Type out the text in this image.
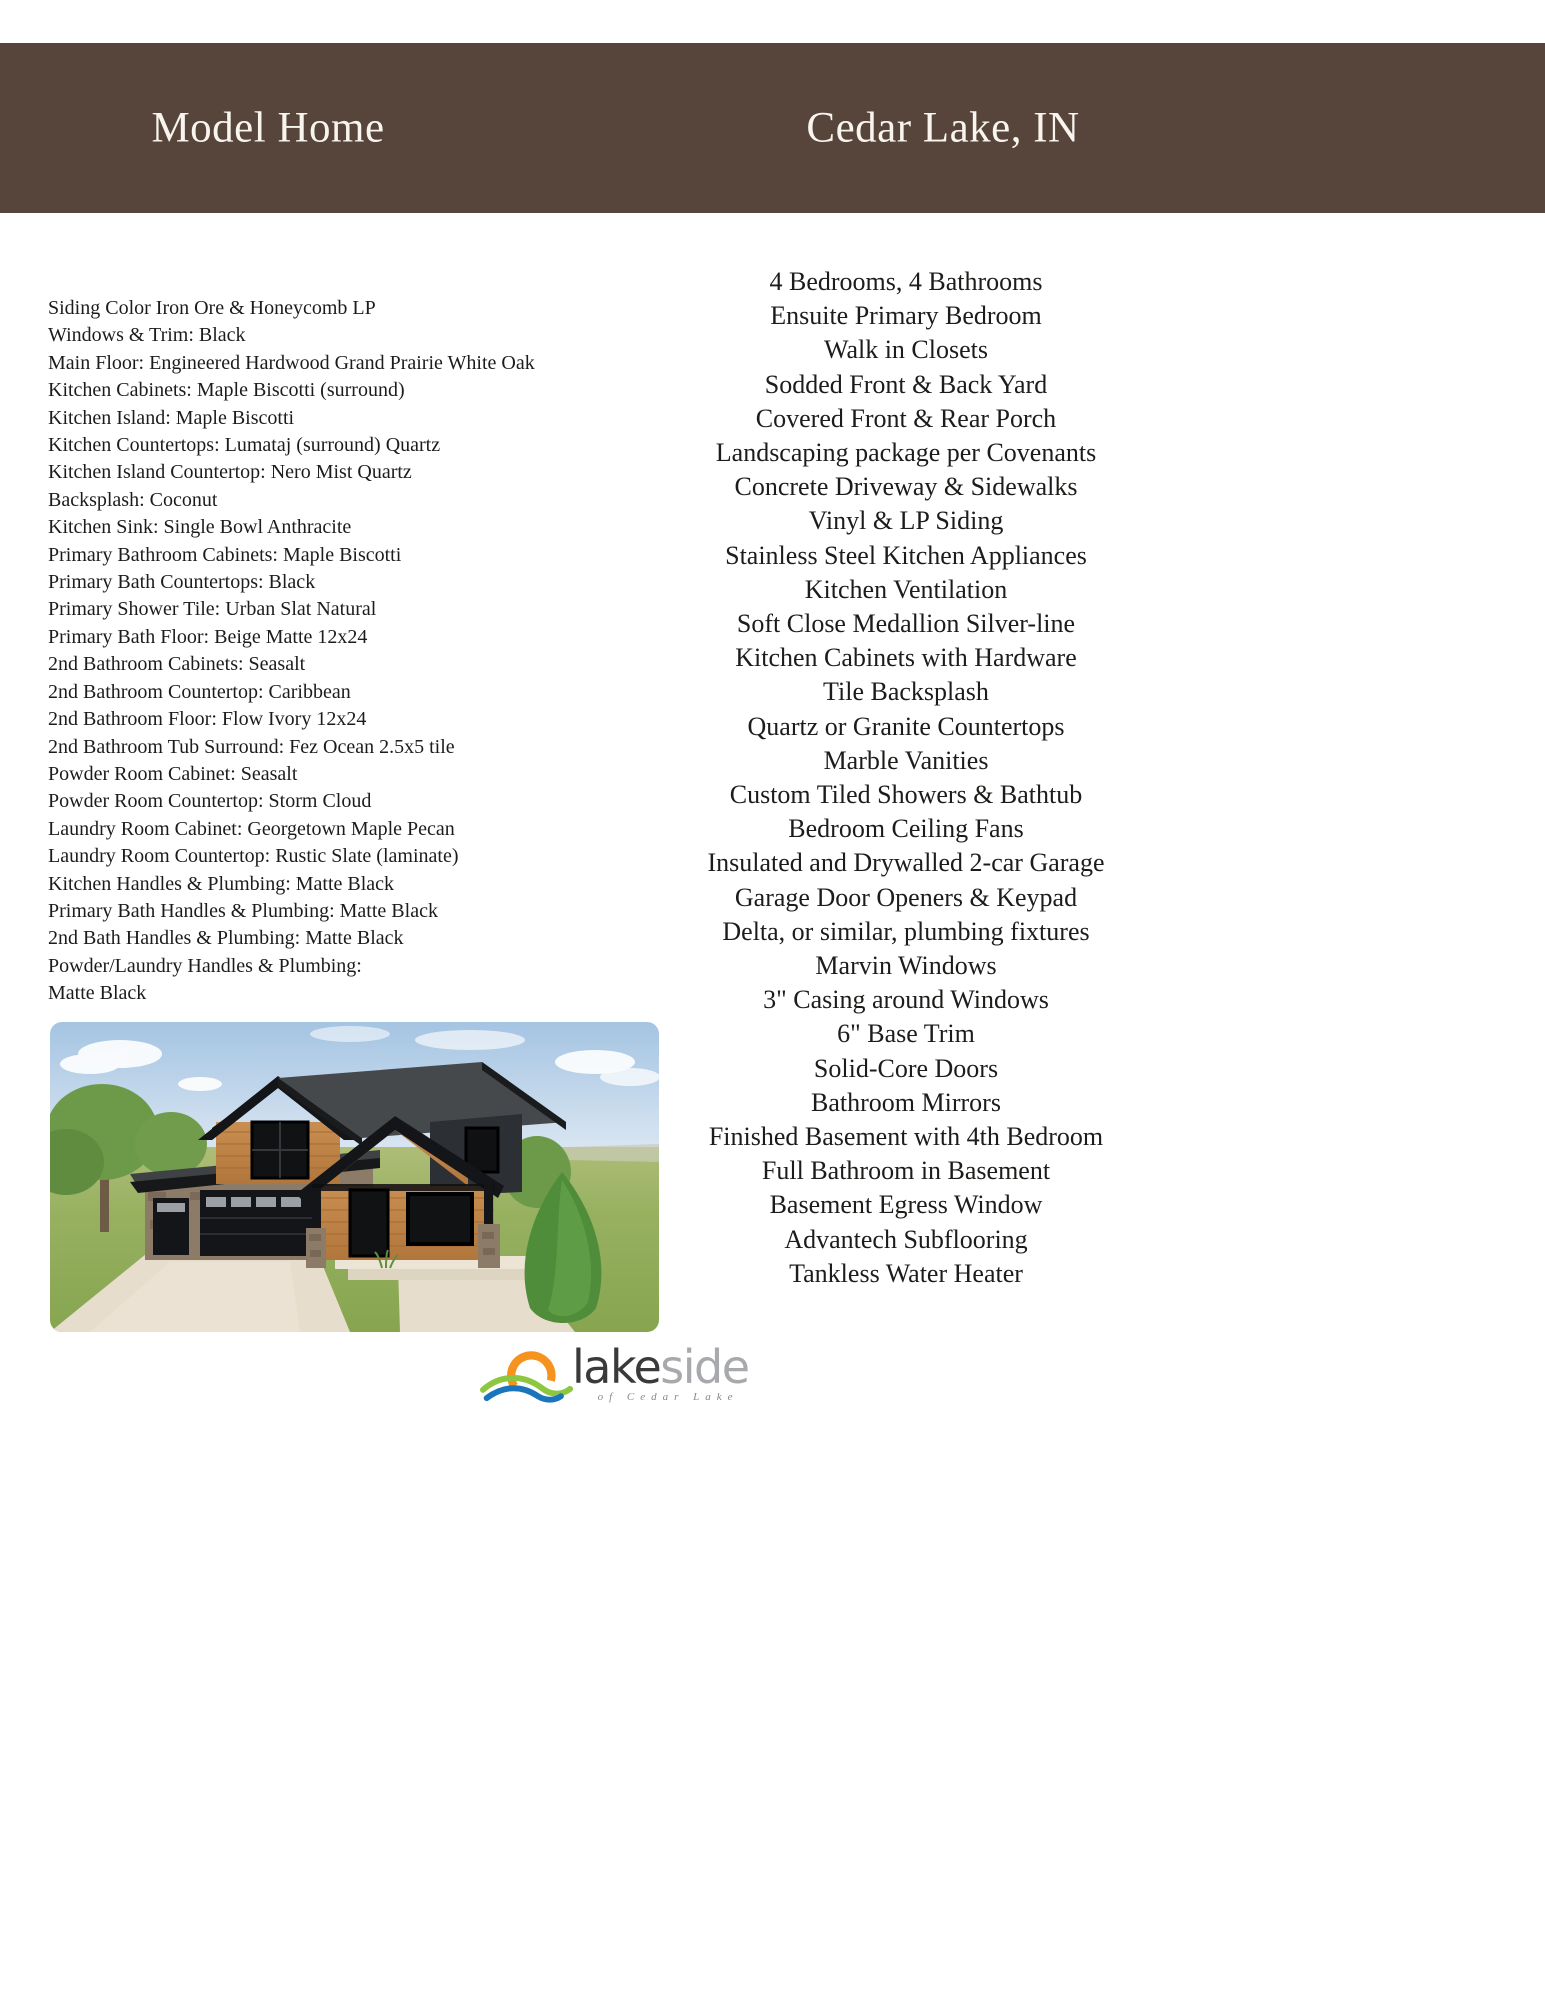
Model Home	Cedar Lake, IN
Siding Color Iron Ore & Honeycomb LP
Windows & Trim: Black
Main Floor: Engineered Hardwood Grand Prairie White Oak
Kitchen Cabinets: Maple Biscotti (surround)
Kitchen Island: Maple Biscotti
Kitchen Countertops: Lumataj (surround) Quartz
Kitchen Island Countertop: Nero Mist Quartz
Backsplash: Coconut
Kitchen Sink: Single Bowl Anthracite
Primary Bathroom Cabinets: Maple Biscotti
Primary Bath Countertops: Black
Primary Shower Tile: Urban Slat Natural
Primary Bath Floor: Beige Matte 12x24
2nd Bathroom Cabinets: Seasalt
2nd Bathroom Countertop: Caribbean
2nd Bathroom Floor: Flow Ivory 12x24
2nd Bathroom Tub Surround: Fez Ocean 2.5x5 tile
Powder Room Cabinet: Seasalt
Powder Room Countertop: Storm Cloud
Laundry Room Cabinet: Georgetown Maple Pecan
Laundry Room Countertop: Rustic Slate (laminate)
Kitchen Handles & Plumbing: Matte Black
Primary Bath Handles & Plumbing: Matte Black
2nd Bath Handles & Plumbing: Matte Black
Powder/Laundry Handles & Plumbing:
Matte Black
4 Bedrooms, 4 Bathrooms
Ensuite Primary Bedroom
Walk in Closets
Sodded Front & Back Yard
Covered Front & Rear Porch
Landscaping package per Covenants
Concrete Driveway & Sidewalks
Vinyl & LP Siding
Stainless Steel Kitchen Appliances
Kitchen Ventilation
Soft Close Medallion Silver-line
Kitchen Cabinets with Hardware
Tile Backsplash
Quartz or Granite Countertops
Marble Vanities
Custom Tiled Showers & Bathtub
Bedroom Ceiling Fans
Insulated and Drywalled 2-car Garage
Garage Door Openers & Keypad
Delta, or similar, plumbing fixtures
Marvin Windows
3" Casing around Windows
6" Base Trim
Solid-Core Doors
Bathroom Mirrors
Finished Basement with 4th Bedroom
Full Bathroom in Basement
Basement Egress Window
Advantech Subflooring
Tankless Water Heater
lakeside
of Cedar Lake
